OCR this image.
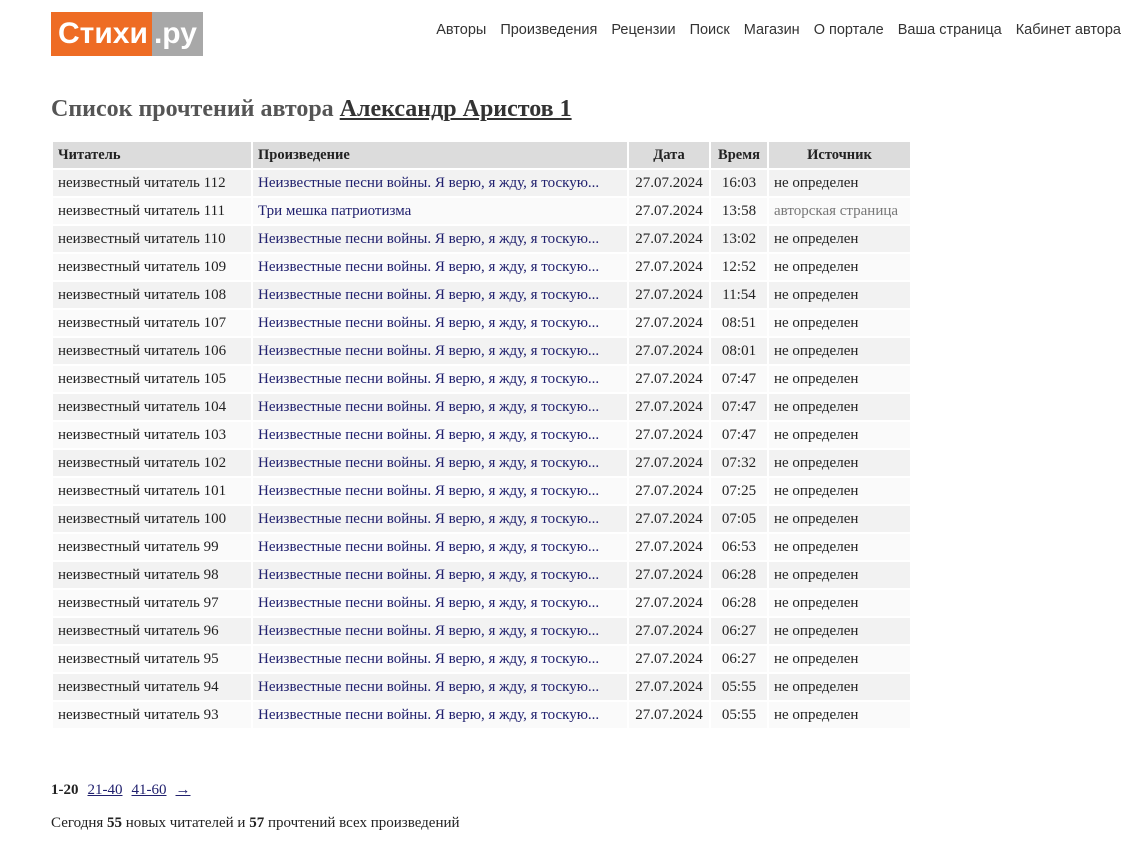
Стихи .ру	Авторы Произведения Рецензии Поиск Магазин О портале Ваша страница Кабинет автора
Список прочтений автора Александр Аристов 1
Читатель	Произведение	Дата	Время	Источник
неизвестный читатель 112	Неизвестные песни войны. Я верю, я жду, я тоскую...	27.07.2024	16:03	не определен
неизвестный читатель 111	Три мешка патриотизма	27.07.2024	13:58	авторская страница
неизвестный читатель 110	Неизвестные песни войны. Я верю, я жду, я тоскую...	27.07.2024	13:02	не определен
неизвестный читатель 109	Неизвестные песни войны. Я верю, я жду, я тоскую...	27.07.2024	12:52	не определен
неизвестный читатель 108	Неизвестные песни войны. Я верю, я жду, я тоскую...	27.07.2024	11:54	не определен
неизвестный читатель 107	Неизвестные песни войны. Я верю, я жду, я тоскую...	27.07.2024	08:51	не определен
неизвестный читатель 106	Неизвестные песни войны. Я верю, я жду, я тоскую...	27.07.2024	08:01	не определен
неизвестный читатель 105	Неизвестные песни войны. Я верю, я жду, я тоскую...	27.07.2024	07:47	не определен
неизвестный читатель 104	Неизвестные песни войны. Я верю, я жду, я тоскую...	27.07.2024	07:47	не определен
неизвестный читатель 103	Неизвестные песни войны. Я верю, я жду, я тоскую...	27.07.2024	07:47	не определен
неизвестный читатель 102	Неизвестные песни войны. Я верю, я жду, я тоскую...	27.07.2024	07:32	не определен
неизвестный читатель 101	Неизвестные песни войны. Я верю, я жду, я тоскую...	27.07.2024	07:25	не определен
неизвестный читатель 100	Неизвестные песни войны. Я верю, я жду, я тоскую...	27.07.2024	07:05	не определен
неизвестный читатель 99	Неизвестные песни войны. Я верю, я жду, я тоскую...	27.07.2024	06:53	не определен
неизвестный читатель 98	Неизвестные песни войны. Я верю, я жду, я тоскую...	27.07.2024	06:28	не определен
неизвестный читатель 97	Неизвестные песни войны. Я верю, я жду, я тоскую...	27.07.2024	06:28	не определен
неизвестный читатель 96	Неизвестные песни войны. Я верю, я жду, я тоскую...	27.07.2024	06:27	не определен
неизвестный читатель 95	Неизвестные песни войны. Я верю, я жду, я тоскую...	27.07.2024	06:27	не определен
неизвестный читатель 94	Неизвестные песни войны. Я верю, я жду, я тоскую...	27.07.2024	05:55	не определен
неизвестный читатель 93	Неизвестные песни войны. Я верю, я жду, я тоскую...	27.07.2024	05:55	не определен
1-20 21-40 41-60 →
Сегодня 55 новых читателей и 57 прочтений всех произведений
